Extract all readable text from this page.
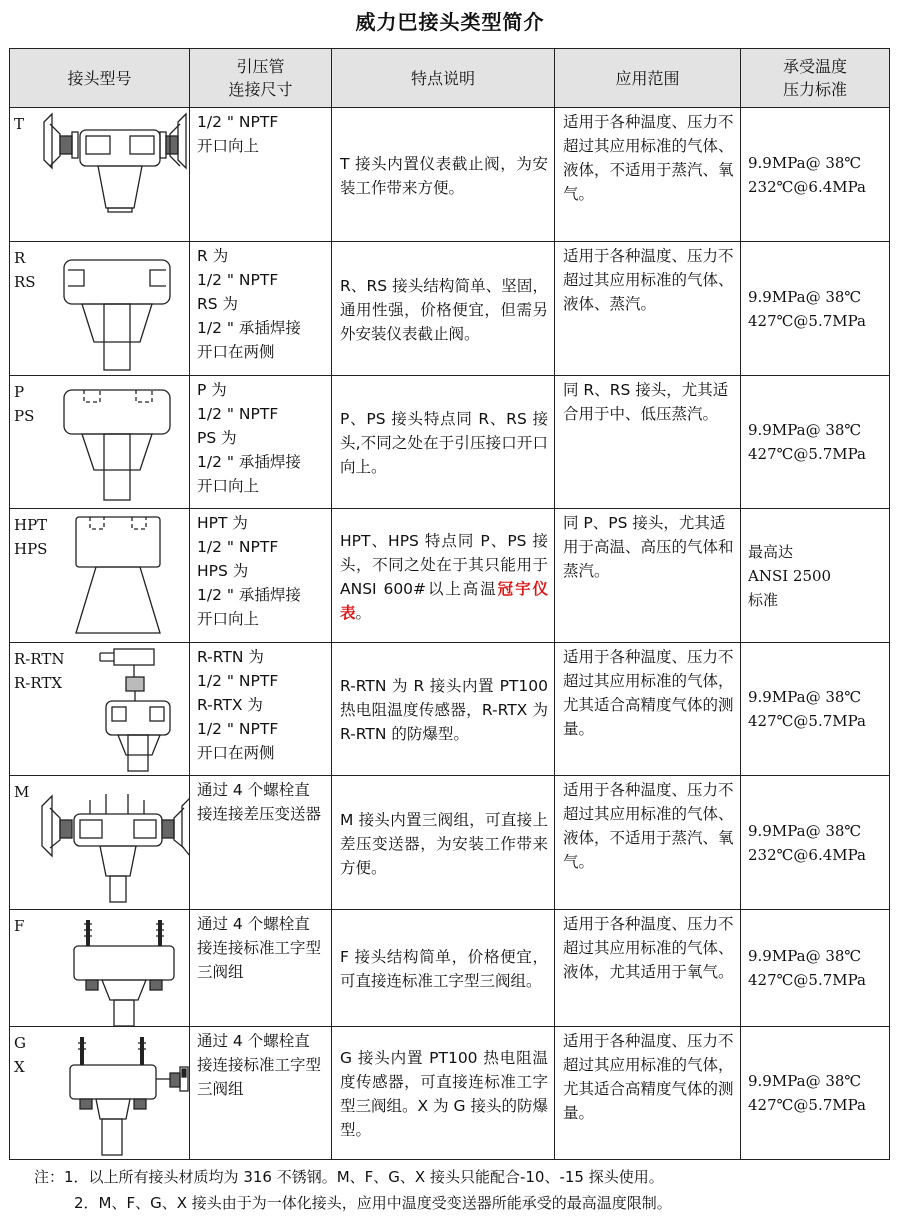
威力巴接头类型简介
接头型号	引压管
连接尺寸	特点说明	应用范围	承受温度
压力标准

T	1/2 " NPTF
开口向上	T 接头内置仪表截止阀，为安装工作带来方便。	适用于各种温度、压力不超过其应用标准的气体、液体，不适用于蒸汽、氧气。	9.9MPa@ 38℃
232℃@6.4MPa

R
RS	R 为
1/2 " NPTF
RS 为
1/2 " 承插焊接
开口在两侧	R、RS 接头结构简单、坚固，通用性强，价格便宜，但需另外安装仪表截止阀。	适用于各种温度、压力不超过其应用标准的气体、液体、蒸汽。	9.9MPa@ 38℃
427℃@5.7MPa

P
PS	P 为
1/2 " NPTF
PS 为
1/2 " 承插焊接
开口向上	P、PS 接头特点同 R、RS 接头,不同之处在于引压接口开口向上。	同 R、RS 接头，尤其适合用于中、低压蒸汽。	9.9MPa@ 38℃
427℃@5.7MPa

HPT
HPS	HPT 为
1/2 " NPTF
HPS 为
1/2 " 承插焊接
开口向上	HPT、HPS 特点同 P、PS 接头，不同之处在于其只能用于 ANSI 600#以上高温冠宇仪表。	同 P、PS 接头，尤其适用于高温、高压的气体和蒸汽。	最高达
ANSI 2500
标准

R-RTN
R-RTX	R-RTN 为
1/2 " NPTF
R-RTX 为
1/2 " NPTF
开口在两侧	R-RTN 为 R 接头内置 PT100 热电阻温度传感器，R-RTX 为 R-RTN 的防爆型。	适用于各种温度、压力不超过其应用标准的气体，尤其适合高精度气体的测量。	9.9MPa@ 38℃
427℃@5.7MPa

M	通过 4 个螺栓直接连接差压变送器	M 接头内置三阀组，可直接上差压变送器，为安装工作带来方便。	适用于各种温度、压力不超过其应用标准的气体、液体，不适用于蒸汽、氧气。	9.9MPa@ 38℃
232℃@6.4MPa

F	通过 4 个螺栓直接连接标准工字型三阀组	F 接头结构简单，价格便宜，可直接连标准工字型三阀组。	适用于各种温度、压力不超过其应用标准的气体、液体，尤其适用于氧气。	9.9MPa@ 38℃
427℃@5.7MPa

G
X	通过 4 个螺栓直接连接标准工字型三阀组	G 接头内置 PT100 热电阻温度传感器，可直接连标准工字型三阀组。X 为 G 接头的防爆型。	适用于各种温度、压力不超过其应用标准的气体，尤其适合高精度气体的测量。	9.9MPa@ 38℃
427℃@5.7MPa
注：1．以上所有接头材质均为 316 不锈钢。M、F、G、X 接头只能配合-10、-15 探头使用。
2．M、F、G、X 接头由于为一体化接头，应用中温度受变送器所能承受的最高温度限制。
